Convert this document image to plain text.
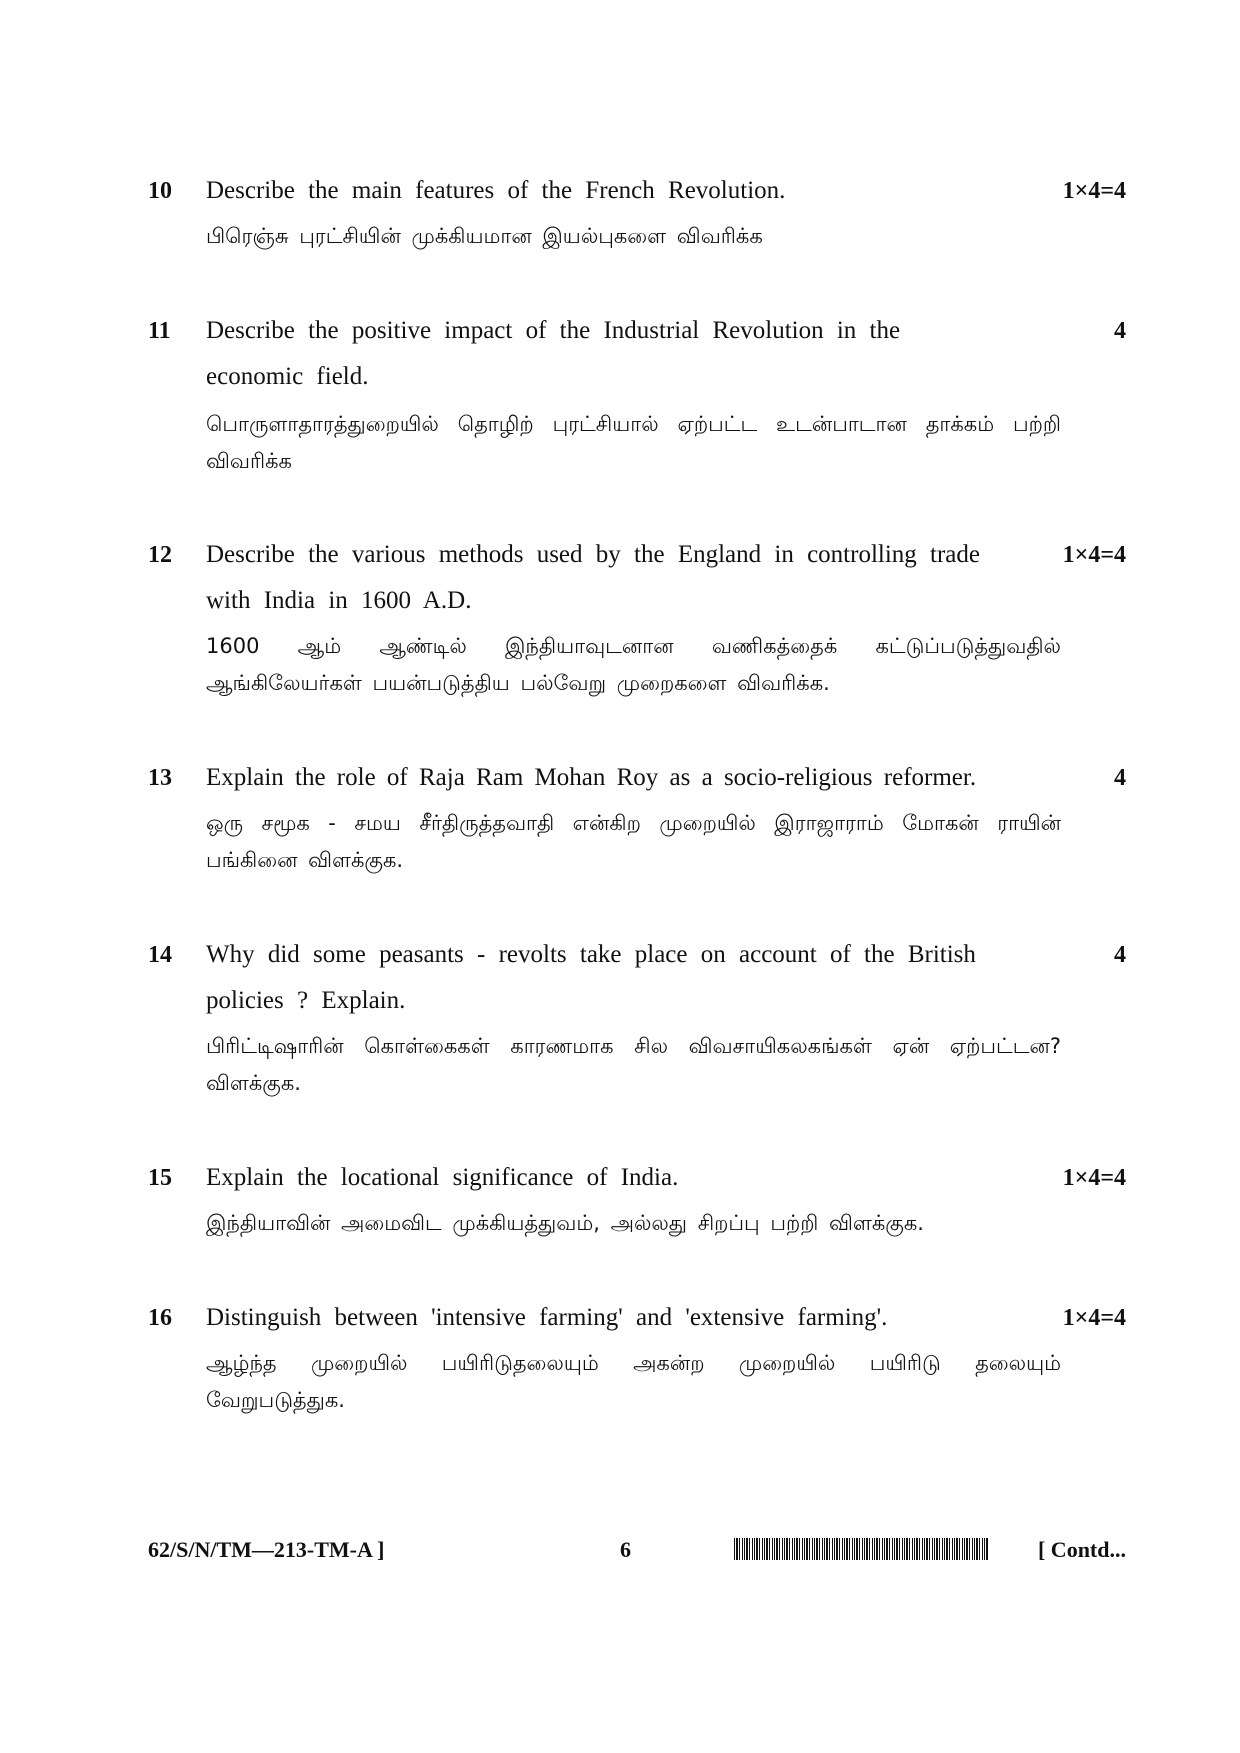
10 Describe the main features of the French Revolution.	1×4=4
பிரெஞ்சு புரட்சியின் முக்கியமான இயல்புகளை விவரிக்க
11 Describe the positive impact of the Industrial Revolution in the economic field.
4
பொருளாதாரத்துறையில் தொழிற் புரட்சியால் ஏற்பட்ட உடன்பாடான தாக்கம் பற்றி விவரிக்க
12 Describe the various methods used by the England in controlling trade with India in 1600 A.D.
1×4=4
1600 ஆம் ஆண்டில் இந்தியாவுடனான வணிகத்தைக் கட்டுப்படுத்துவதில் ஆங்கிலேயர்கள் பயன்படுத்திய பல்வேறு முறைகளை விவரிக்க.
13 Explain the role of Raja Ram Mohan Roy as a socio-religious reformer.	4
ஒரு சமூக - சமய சீர்திருத்தவாதி என்கிற முறையில் இராஜாராம் மோகன் ராயின் பங்கினை விளக்குக.
14 Why did some peasants - revolts take place on account of the British policies ? Explain.
4
பிரிட்டிஷாரின் கொள்கைகள் காரணமாக சில விவசாயிகலகங்கள் ஏன் ஏற்பட்டன? விளக்குக.
15 Explain the locational significance of India.	1×4=4
இந்தியாவின் அமைவிட முக்கியத்துவம், அல்லது சிறப்பு பற்றி விளக்குக.
16 Distinguish between 'intensive farming' and 'extensive farming'.	1×4=4
ஆழ்ந்த முறையில் பயிரிடுதலையும் அகன்ற முறையில் பயிரிடு தலையும் வேறுபடுத்துக.
62/S/N/TM—213-TM-A ]	6	[ Contd...
